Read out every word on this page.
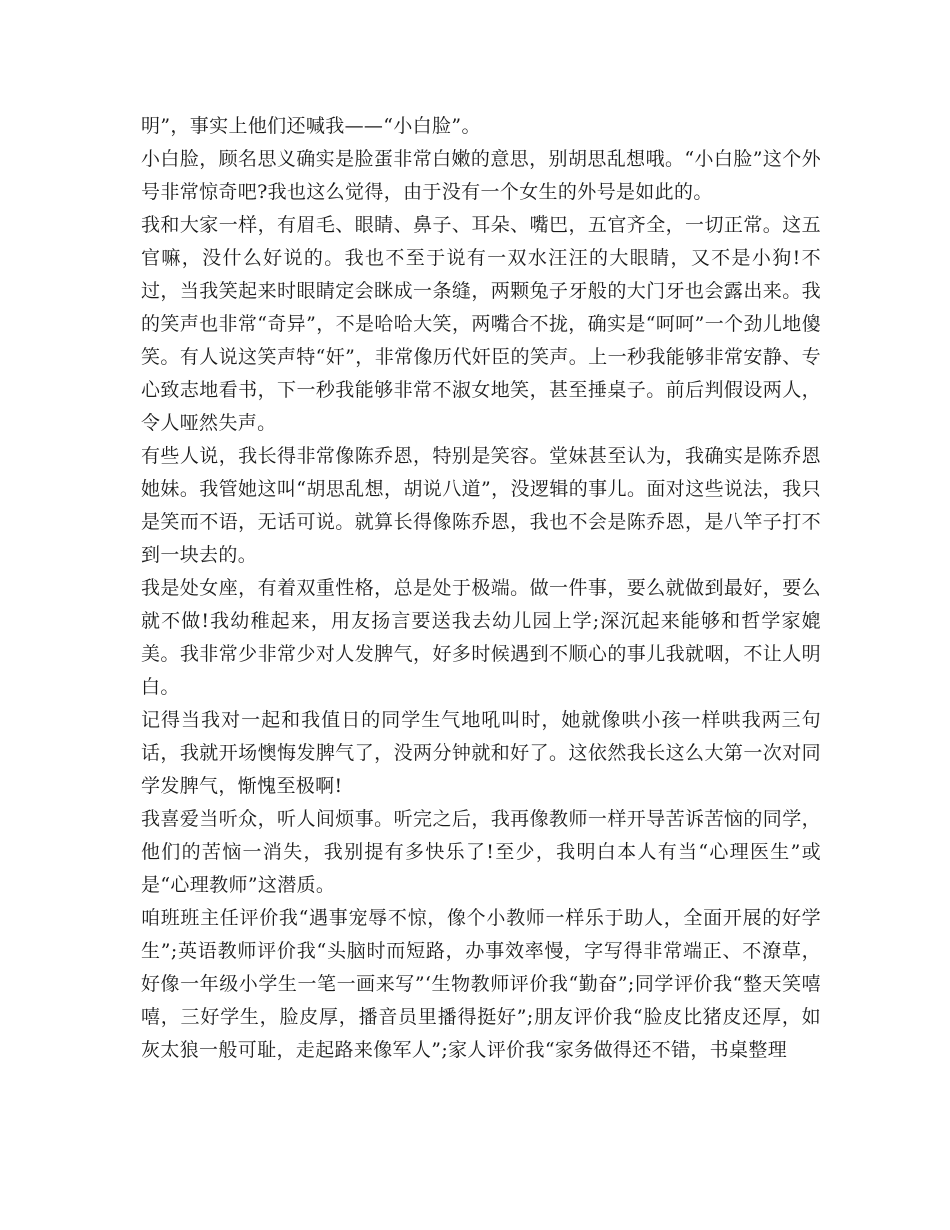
明”，事实上他们还喊我——“小白脸”。

小白脸，顾名思义确实是脸蛋非常白嫩的意思，别胡思乱想哦。“小白脸”这个外号非常惊奇吧?我也这么觉得，由于没有一个女生的外号是如此的。

我和大家一样，有眉毛、眼睛、鼻子、耳朵、嘴巴，五官齐全，一切正常。这五官嘛，没什么好说的。我也不至于说有一双水汪汪的大眼睛，又不是小狗!不过，当我笑起来时眼睛定会眯成一条缝，两颗兔子牙般的大门牙也会露出来。我的笑声也非常“奇异”，不是哈哈大笑，两嘴合不拢，确实是“呵呵”一个劲儿地傻笑。有人说这笑声特“奸”，非常像历代奸臣的笑声。上一秒我能够非常安静、专心致志地看书，下一秒我能够非常不淑女地笑，甚至捶桌子。前后判假设两人，令人哑然失声。

有些人说，我长得非常像陈乔恩，特别是笑容。堂妹甚至认为，我确实是陈乔恩她妹。我管她这叫“胡思乱想，胡说八道”，没逻辑的事儿。面对这些说法，我只是笑而不语，无话可说。就算长得像陈乔恩，我也不会是陈乔恩，是八竿子打不到一块去的。

我是处女座，有着双重性格，总是处于极端。做一件事，要么就做到最好，要么就不做!我幼稚起来，用友扬言要送我去幼儿园上学;深沉起来能够和哲学家媲美。我非常少非常少对人发脾气，好多时候遇到不顺心的事儿我就咽，不让人明白。

记得当我对一起和我值日的同学生气地吼叫时，她就像哄小孩一样哄我两三句话，我就开场懊悔发脾气了，没两分钟就和好了。这依然我长这么大第一次对同学发脾气，惭愧至极啊!

我喜爱当听众，听人间烦事。听完之后，我再像教师一样开导苦诉苦恼的同学，他们的苦恼一消失，我别提有多快乐了!至少，我明白本人有当“心理医生”或是“心理教师”这潜质。

咱班班主任评价我“遇事宠辱不惊，像个小教师一样乐于助人，全面开展的好学生”;英语教师评价我“头脑时而短路，办事效率慢，字写得非常端正、不潦草，好像一年级小学生一笔一画来写”‘生物教师评价我“勤奋”;同学评价我“整天笑嘻嘻，三好学生，脸皮厚，播音员里播得挺好”;朋友评价我“脸皮比猪皮还厚，如灰太狼一般可耻，走起路来像军人”;家人评价我“家务做得还不错，书桌整理
